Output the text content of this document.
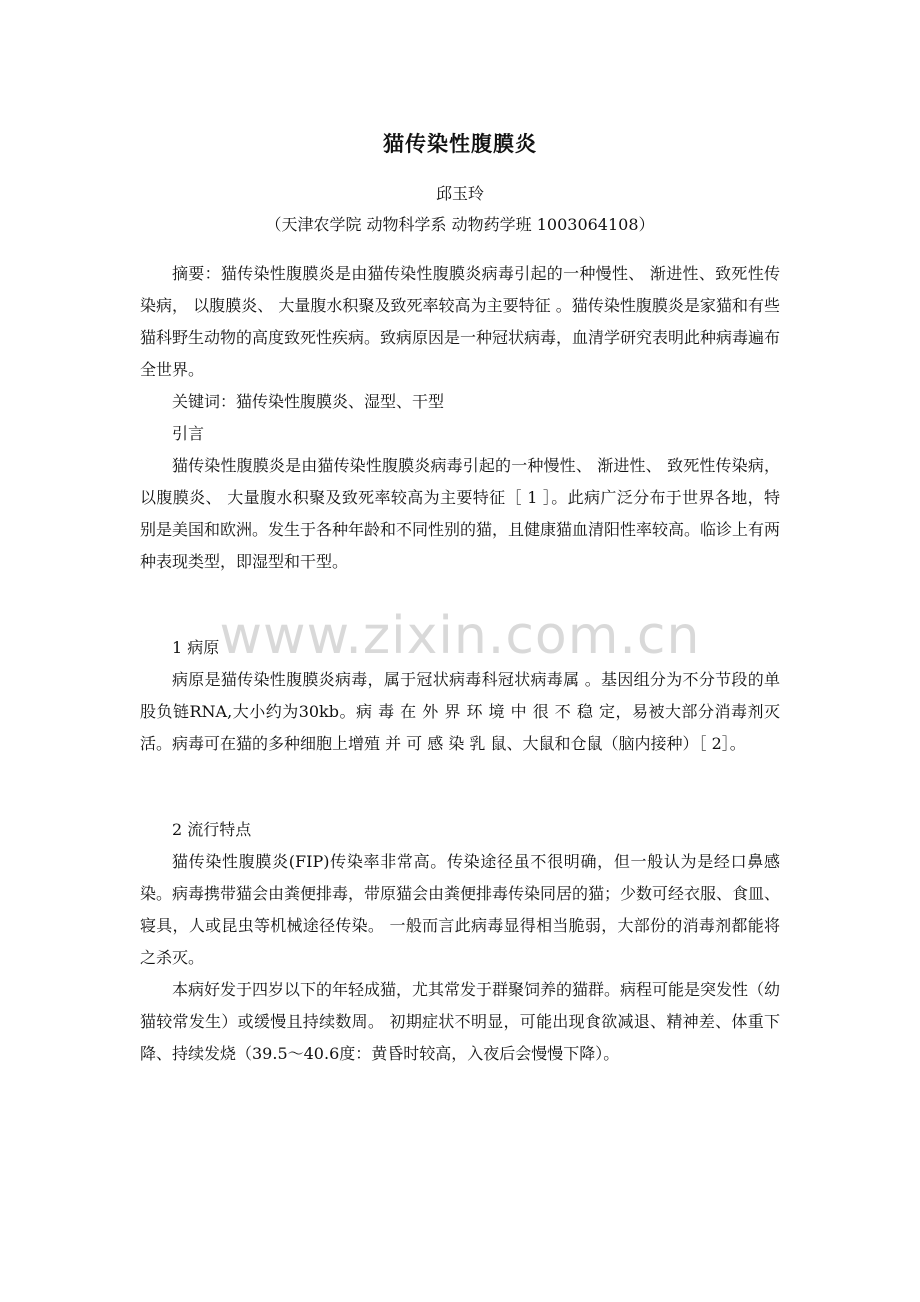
猫传染性腹膜炎
邱玉玲
（天津农学院 动物科学系 动物药学班 1003064108）

摘要：猫传染性腹膜炎是由猫传染性腹膜炎病毒引起的一种慢性、 渐进性、致死性传染病， 以腹膜炎、 大量腹水积聚及致死率较高为主要特征 。猫传染性腹膜炎是家猫和有些猫科野生动物的高度致死性疾病。致病原因是一种冠状病毒，血清学研究表明此种病毒遍布全世界。

关键词：猫传染性腹膜炎、湿型、干型

引言

猫传染性腹膜炎是由猫传染性腹膜炎病毒引起的一种慢性、 渐进性、 致死性传染病， 以腹膜炎、 大量腹水积聚及致死率较高为主要特征［ 1 ］。此病广泛分布于世界各地，特别是美国和欧洲。发生于各种年龄和不同性别的猫，且健康猫血清阳性率较高。临诊上有两种表现类型，即湿型和干型。

1 病原

病原是猫传染性腹膜炎病毒，属于冠状病毒科冠状病毒属 。基因组分为不分节段的单股负链RNA,大小约为30kb。病 毒 在 外 界 环 境 中 很 不 稳 定，易被大部分消毒剂灭活。病毒可在猫的多种细胞上增殖 并 可 感 染 乳 鼠、大鼠和仓鼠（脑内接种）［ 2］。

2 流行特点

猫传染性腹膜炎(FIP)传染率非常高。传染途径虽不很明确，但一般认为是经口鼻感染。病毒携带猫会由粪便排毒，带原猫会由粪便排毒传染同居的猫；少数可经衣服、食皿、寝具，人或昆虫等机械途径传染。 一般而言此病毒显得相当脆弱，大部份的消毒剂都能将之杀灭。

本病好发于四岁以下的年轻成猫，尤其常发于群聚饲养的猫群。病程可能是突发性（幼猫较常发生）或缓慢且持续数周。 初期症状不明显，可能出现食欲减退、精神差、体重下降、持续发烧（39.5～40.6度：黄昏时较高，入夜后会慢慢下降）。

www.zixin.com.cn
